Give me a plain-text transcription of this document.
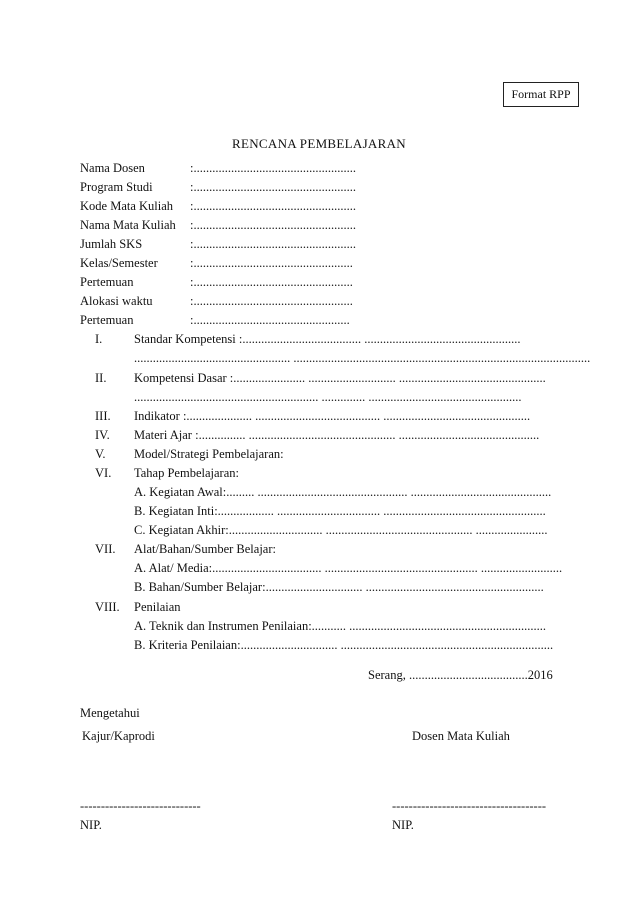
Format RPP
RENCANA PEMBELAJARAN
Nama Dosen	:....................................................
Program Studi	:....................................................
Kode Mata Kuliah :....................................................
Nama Mata Kuliah :....................................................
Jumlah SKS	:....................................................
Kelas/Semester	:...................................................
Pertemuan	:...................................................
Alokasi waktu	:...................................................
Pertemuan	:..................................................
I.	Standar Kompetensi :...................................... ..................................................
.................................................. ...............................................................................................
II. Kompetensi Dasar :....................... ............................ ...............................................
........................................................... .............. .................................................
III. Indikator :..................... ........................................ ...............................................
IV. Materi Ajar :............... ............................................... .............................................
V. Model/Strategi Pembelajaran:
VI. Tahap Pembelajaran:
A. Kegiatan Awal:......... ................................................ .............................................
B. Kegiatan Inti:.................. ................................. ....................................................
C. Kegiatan Akhir:.............................. ............................................... .......................
VII. Alat/Bahan/Sumber Belajar:
A. Alat/ Media:................................... ................................................. ..........................
B. Bahan/Sumber Belajar:............................... .........................................................
VIII. Penilaian
A. Teknik dan Instrumen Penilaian:........... ...............................................................
B. Kriteria Penilaian:............................... ....................................................................
Serang, ......................................2016
Mengetahui
Kajur/Kaprodi	Dosen Mata Kuliah
-----------------------------	-------------------------------------
NIP.	NIP.
